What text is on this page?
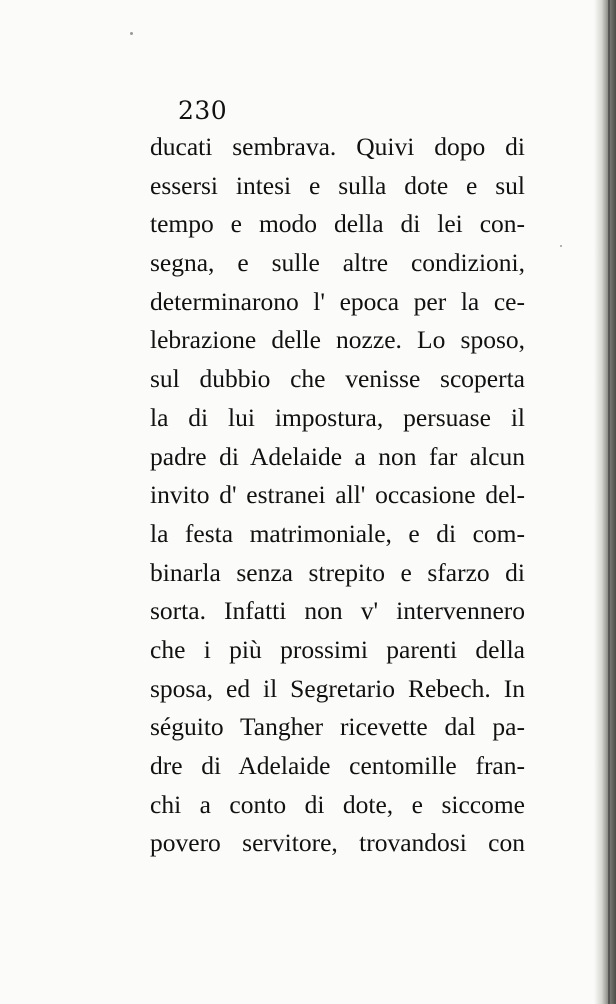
230
ducati sembrava. Quivi dopo di
essersi intesi e sulla dote e sul
tempo e modo della di lei con-
segna, e sulle altre condizioni,
determinarono l' epoca per la ce-
lebrazione delle nozze. Lo sposo,
sul dubbio che venisse scoperta
la di lui impostura, persuase il
padre di Adelaide a non far alcun
invito d' estranei all' occasione del-
la festa matrimoniale, e di com-
binarla senza strepito e sfarzo di
sorta. Infatti non v' intervennero
che i più prossimi parenti della
sposa, ed il Segretario Rebech. In
séguito Tangher ricevette dal pa-
dre di Adelaide centomille fran-
chi a conto di dote, e siccome
povero servitore, trovandosi con
